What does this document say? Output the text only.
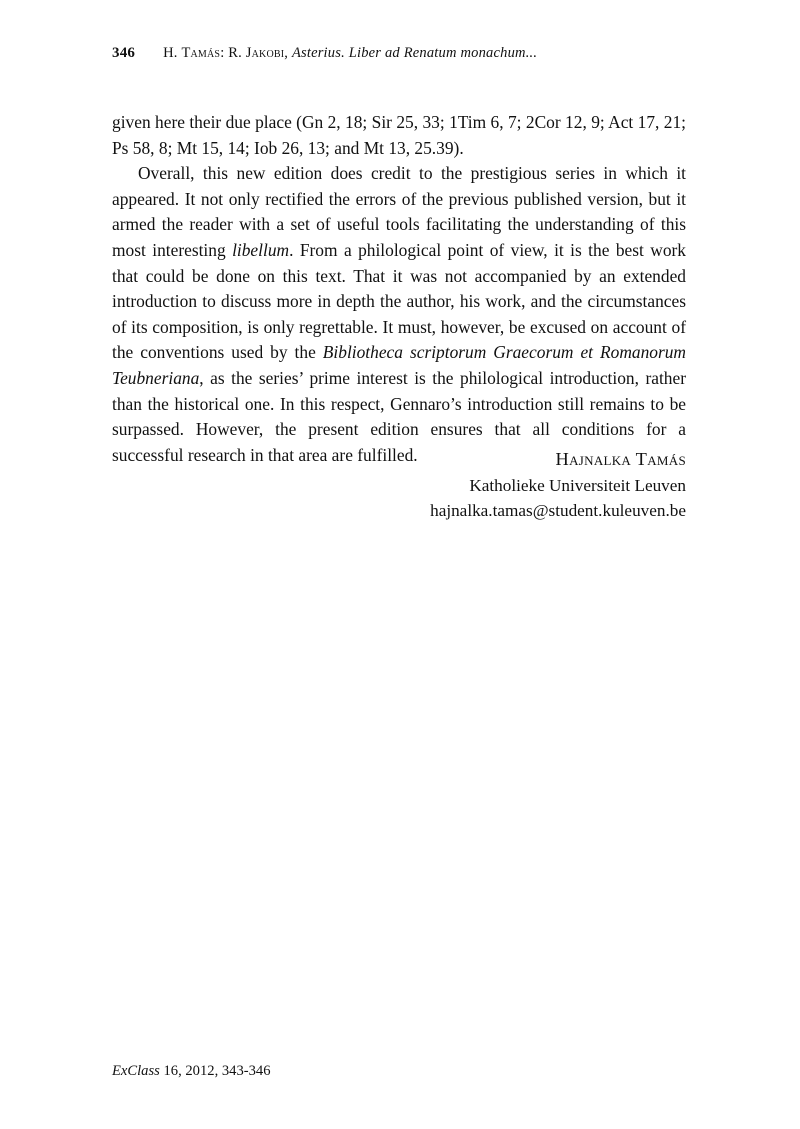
346 H. Tamás: R. Jakobi, Asterius. Liber ad Renatum monachum...

given here their due place (Gn 2, 18; Sir 25, 33; 1Tim 6, 7; 2Cor 12, 9; Act 17, 21; Ps 58, 8; Mt 15, 14; Iob 26, 13; and Mt 13, 25.39).

Overall, this new edition does credit to the prestigious series in which it appeared. It not only rectified the errors of the previous published version, but it armed the reader with a set of useful tools facilitating the understanding of this most interesting libellum. From a philological point of view, it is the best work that could be done on this text. That it was not accompanied by an extended introduction to discuss more in depth the author, his work, and the circumstances of its composition, is only regrettable. It must, however, be excused on account of the conventions used by the Bibliotheca scriptorum Graecorum et Romanorum Teubneriana, as the series’ prime interest is the philological introduction, rather than the historical one. In this respect, Gennaro’s introduction still remains to be surpassed. However, the present edition ensures that all conditions for a successful research in that area are fulfilled.	Hajnalka Tamás
Katholieke Universiteit Leuven
hajnalka.tamas@student.kuleuven.be
ExClass 16, 2012, 343-346
